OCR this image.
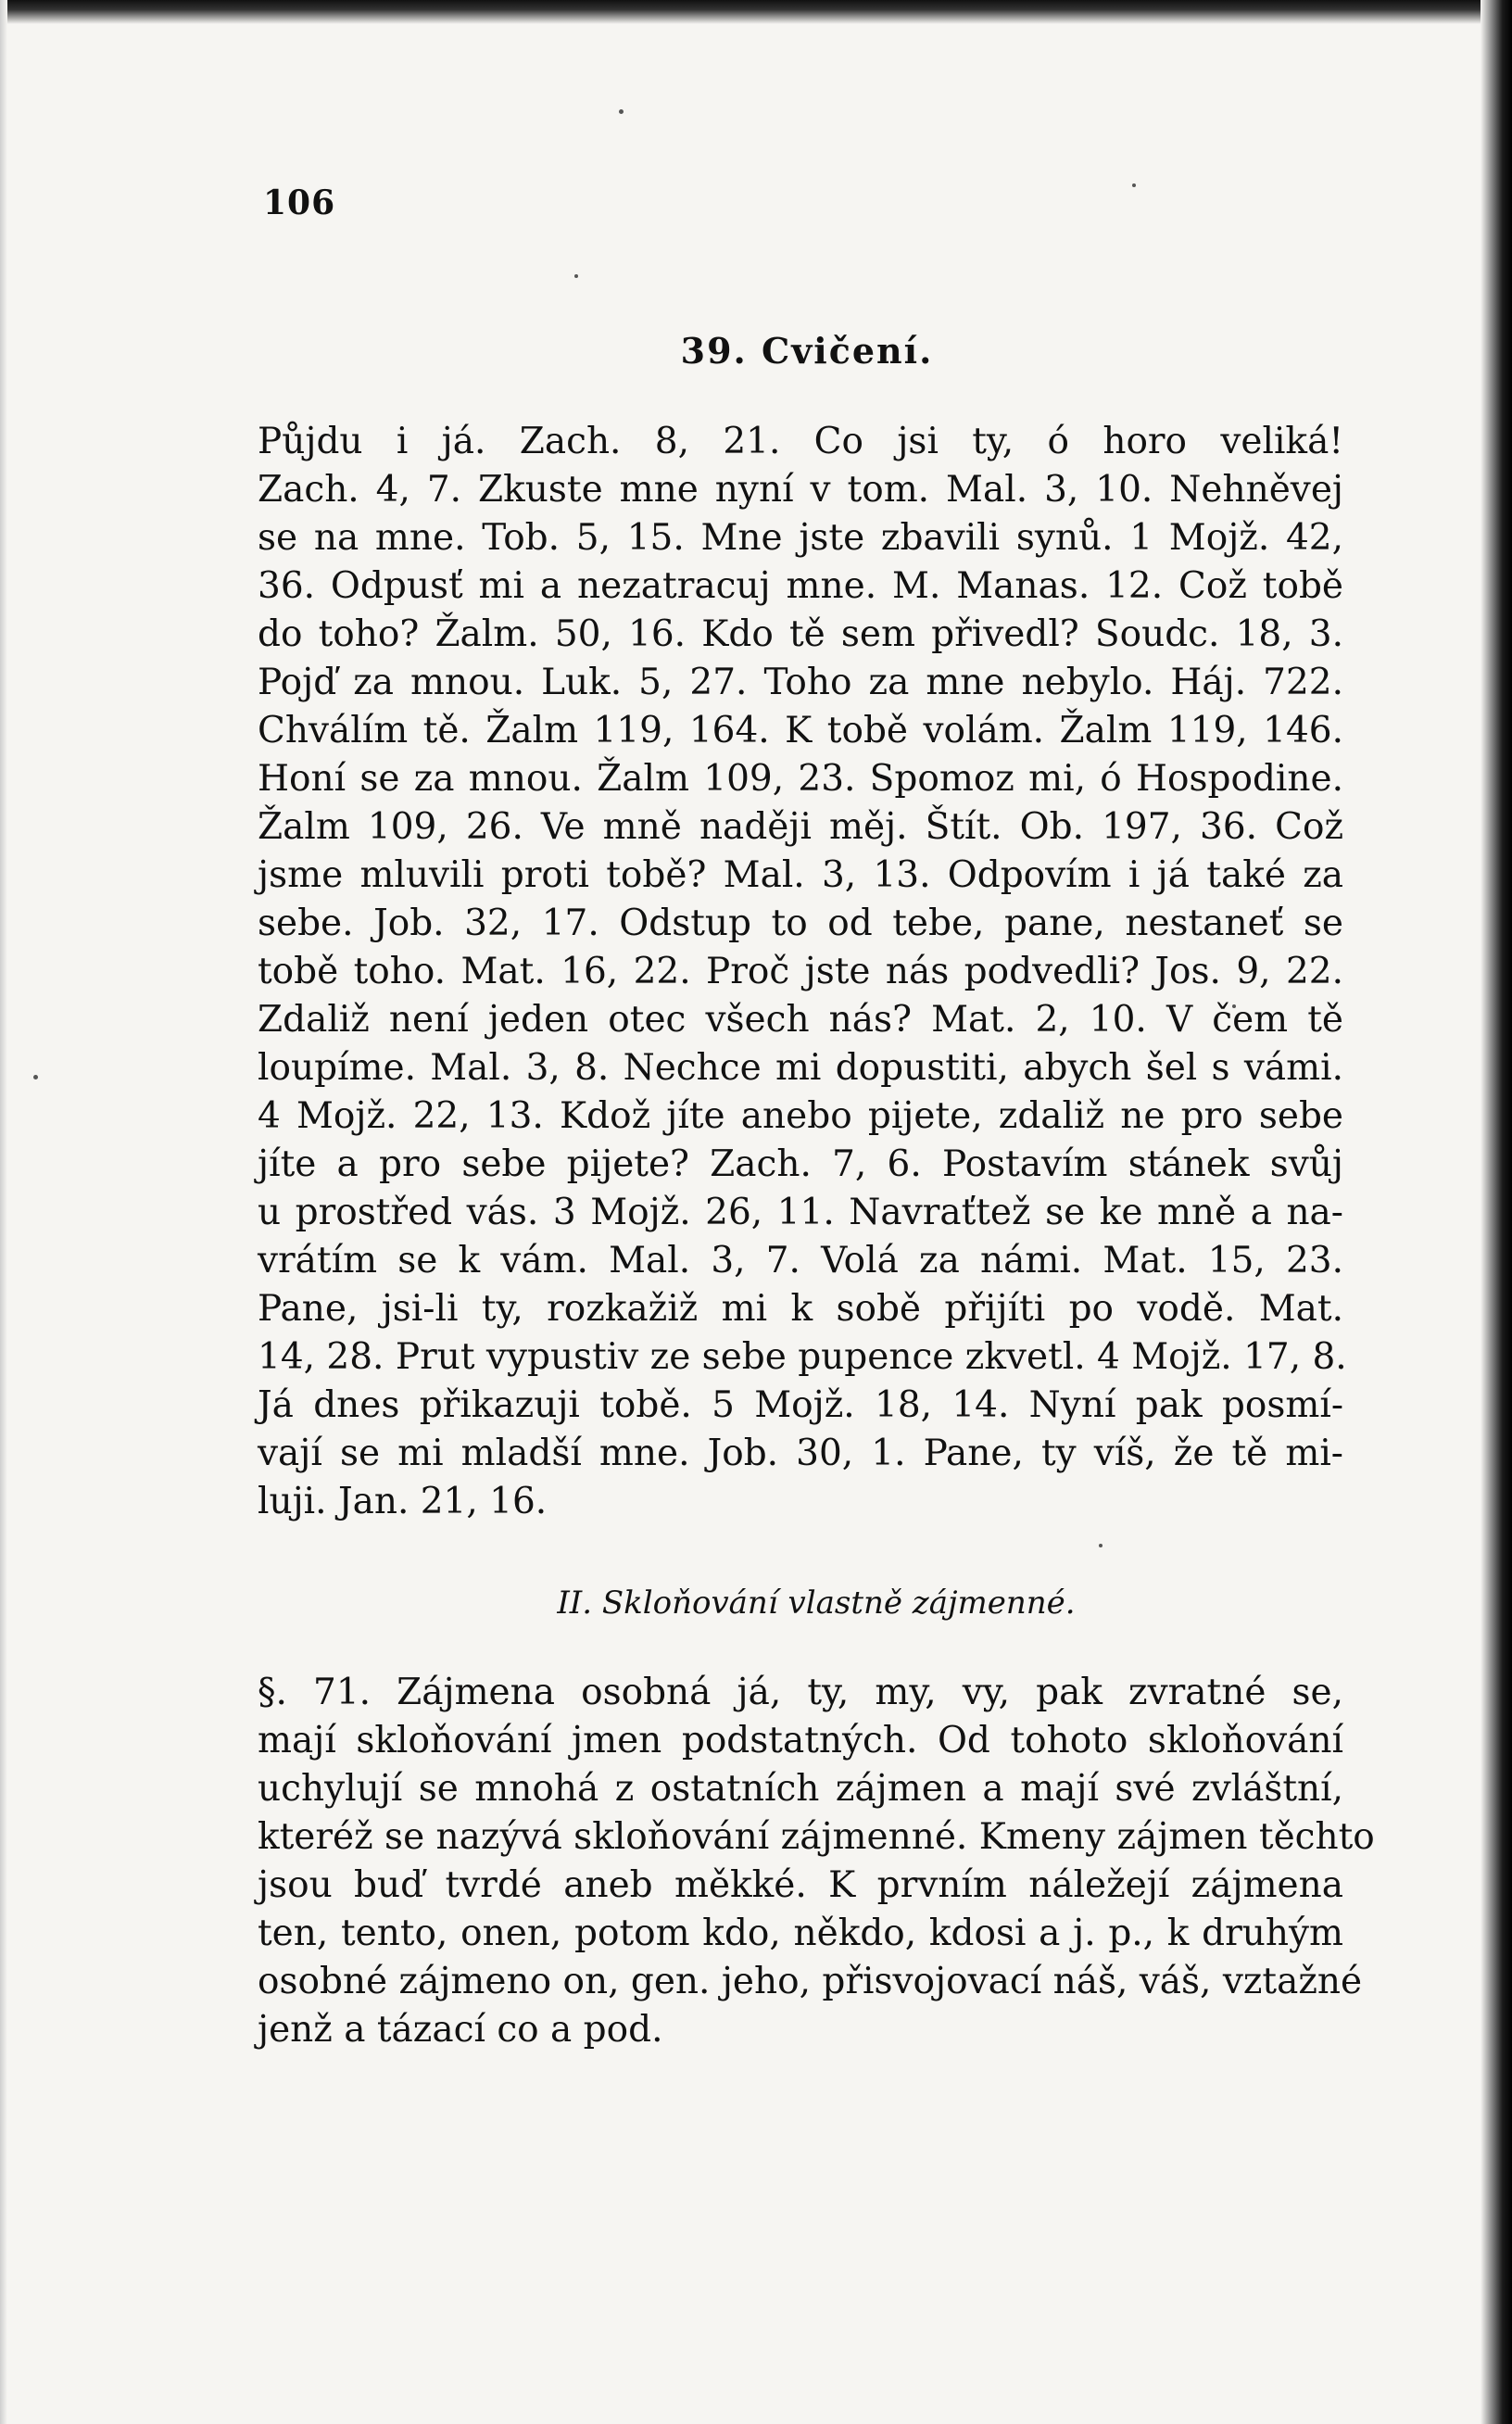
106
39. Cvičení.
Půjdu i já. Zach. 8, 21. Co jsi ty, ó horo veliká!
Zach. 4, 7. Zkuste mne nyní v tom. Mal. 3, 10. Nehněvej
se na mne. Tob. 5, 15. Mne jste zbavili synů. 1 Mojž. 42,
36. Odpusť mi a nezatracuj mne. M. Manas. 12. Což tobě
do toho? Žalm. 50, 16. Kdo tě sem přivedl? Soudc. 18, 3.
Pojď za mnou. Luk. 5, 27. Toho za mne nebylo. Háj. 722.
Chválím tě. Žalm 119, 164. K tobě volám. Žalm 119, 146.
Honí se za mnou. Žalm 109, 23. Spomoz mi, ó Hospodine.
Žalm 109, 26. Ve mně naději měj. Štít. Ob. 197, 36. Což
jsme mluvili proti tobě? Mal. 3, 13. Odpovím i já také za
sebe. Job. 32, 17. Odstup to od tebe, pane, nestaneť se
tobě toho. Mat. 16, 22. Proč jste nás podvedli? Jos. 9, 22.
Zdaliž není jeden otec všech nás? Mat. 2, 10. V čem tě
loupíme. Mal. 3, 8. Nechce mi dopustiti, abych šel s vámi.
4 Mojž. 22, 13. Kdož jíte anebo pijete, zdaliž ne pro sebe
jíte a pro sebe pijete? Zach. 7, 6. Postavím stánek svůj
u prostřed vás. 3 Mojž. 26, 11. Navraťtež se ke mně a na-
vrátím se k vám. Mal. 3, 7. Volá za námi. Mat. 15, 23.
Pane, jsi-li ty, rozkažiž mi k sobě přijíti po vodě. Mat.
14, 28. Prut vypustiv ze sebe pupence zkvetl. 4 Mojž. 17, 8.
Já dnes přikazuji tobě. 5 Mojž. 18, 14. Nyní pak posmí-
vají se mi mladší mne. Job. 30, 1. Pane, ty víš, že tě mi-
luji. Jan. 21, 16.
II. Skloňování vlastně zájmenné.
§. 71. Zájmena osobná já, ty, my, vy, pak zvratné se,
mají skloňování jmen podstatných. Od tohoto skloňování
uchylují se mnohá z ostatních zájmen a mají své zvláštní,
kteréž se nazývá skloňování zájmenné. Kmeny zájmen těchto
jsou buď tvrdé aneb měkké. K prvním náležejí zájmena
ten, tento, onen, potom kdo, někdo, kdosi a j. p., k druhým
osobné zájmeno on, gen. jeho, přisvojovací náš, váš, vztažné
jenž a tázací co a pod.
